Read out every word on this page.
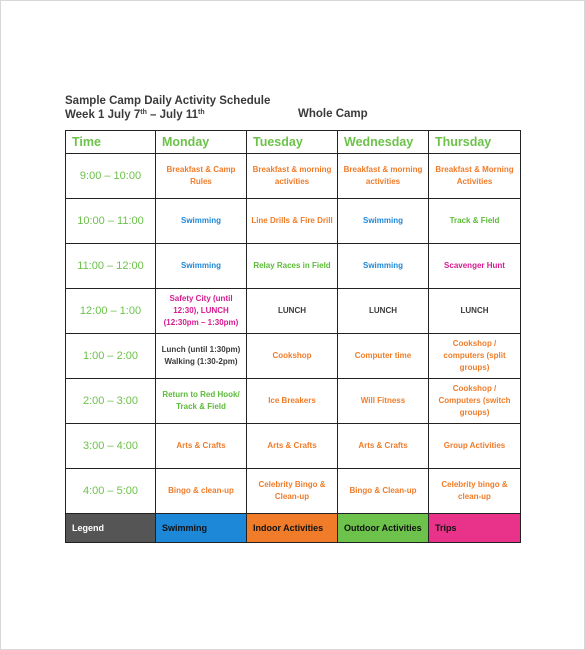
Sample Camp Daily Activity Schedule
Week 1 July 7th – July 11th	Whole Camp
Time	Monday	Tuesday	Wednesday	Thursday
9:00 – 10:00	Breakfast & Camp Rules	Breakfast & morning activities	Breakfast & morning activities	Breakfast & Morning Activities
10:00 – 11:00	Swimming	Line Drills & Fire Drill	Swimming	Track & Field
11:00 – 12:00	Swimming	Relay Races in Field	Swimming	Scavenger Hunt
12:00 – 1:00	Safety City (until 12:30), LUNCH (12:30pm – 1:30pm)	LUNCH	LUNCH	LUNCH
1:00 – 2:00	Lunch (until 1:30pm) Walking (1:30-2pm)	Cookshop	Computer time	Cookshop / computers (split groups)
2:00 – 3:00	Return to Red Hook/ Track & Field	Ice Breakers	Will Fitness	Cookshop / Computers (switch groups)
3:00 – 4:00	Arts & Crafts	Arts & Crafts	Arts & Crafts	Group Activities
4:00 – 5:00	Bingo & clean-up	Celebrity Bingo & Clean-up	Bingo & Clean-up	Celebrity bingo & clean-up
Legend	Swimming	Indoor Activities	Outdoor Activities	Trips
